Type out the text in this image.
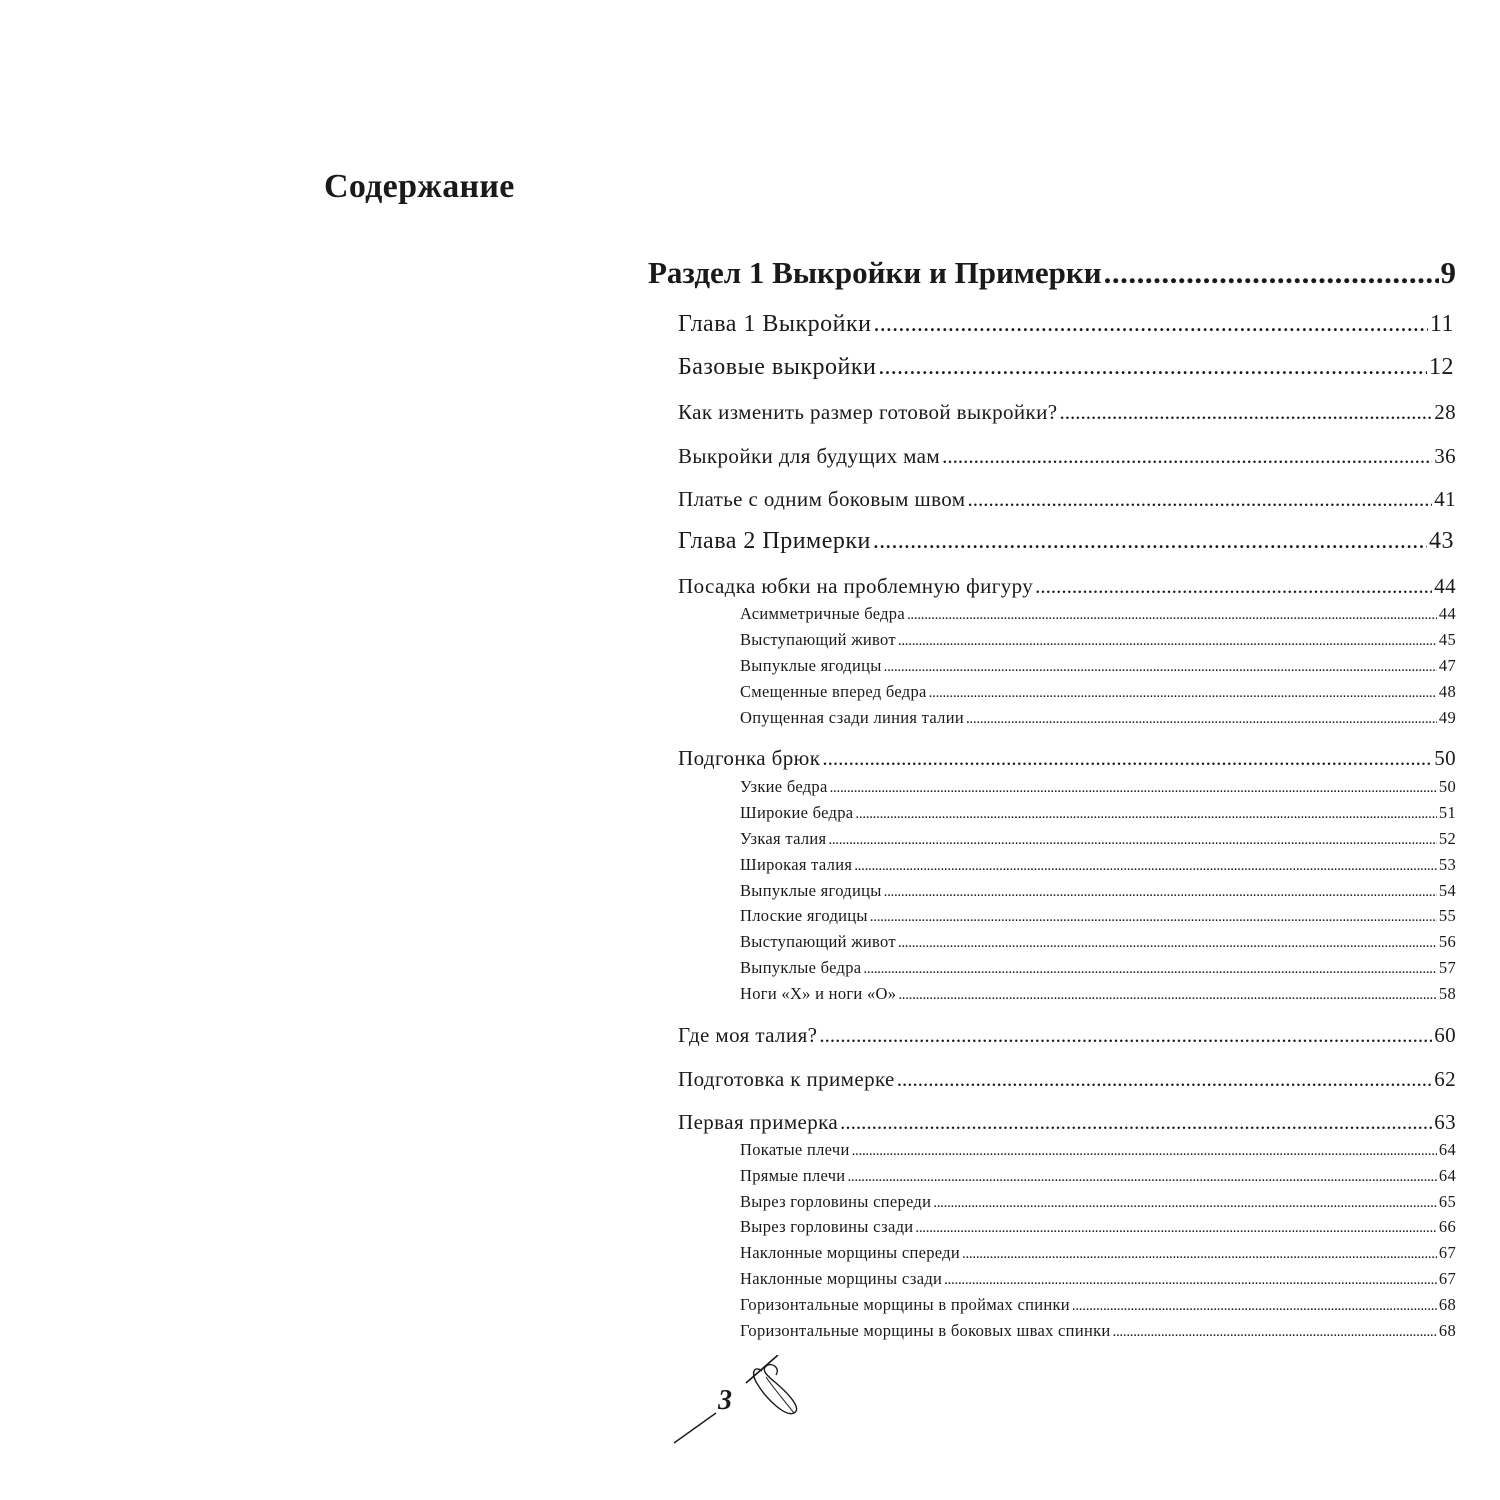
Содержание
Раздел 1 Выкройки и Примерки .....	9
Глава 1 Выкройки .....	11
Базовые выкройки .....	12
Как изменить размер готовой выкройки? .....	28
Выкройки для будущих мам .....	36
Платье с одним боковым швом .....	41
Глава 2 Примерки .....	43
Посадка юбки на проблемную фигуру .....	44
Асимметричные бедра .....	44
Выступающий живот .....	45
Выпуклые ягодицы .....	47
Смещенные вперед бедра .....	48
Опущенная сзади линия талии .....	49
Подгонка брюк .....	50
Узкие бедра .....	50
Широкие бедра .....	51
Узкая талия .....	52
Широкая талия .....	53
Выпуклые ягодицы .....	54
Плоские ягодицы .....	55
Выступающий живот .....	56
Выпуклые бедра .....	57
Ноги «X» и ноги «О» .....	58
Где моя талия? .....	60
Подготовка к примерке .....	62
Первая примерка .....	63
Покатые плечи .....	64
Прямые плечи .....	64
Вырез горловины спереди .....	65
Вырез горловины сзади .....	66
Наклонные морщины спереди .....	67
Наклонные морщины сзади .....	67
Горизонтальные морщины в проймах спинки .....	68
Горизонтальные морщины в боковых швах спинки .....	68
3
